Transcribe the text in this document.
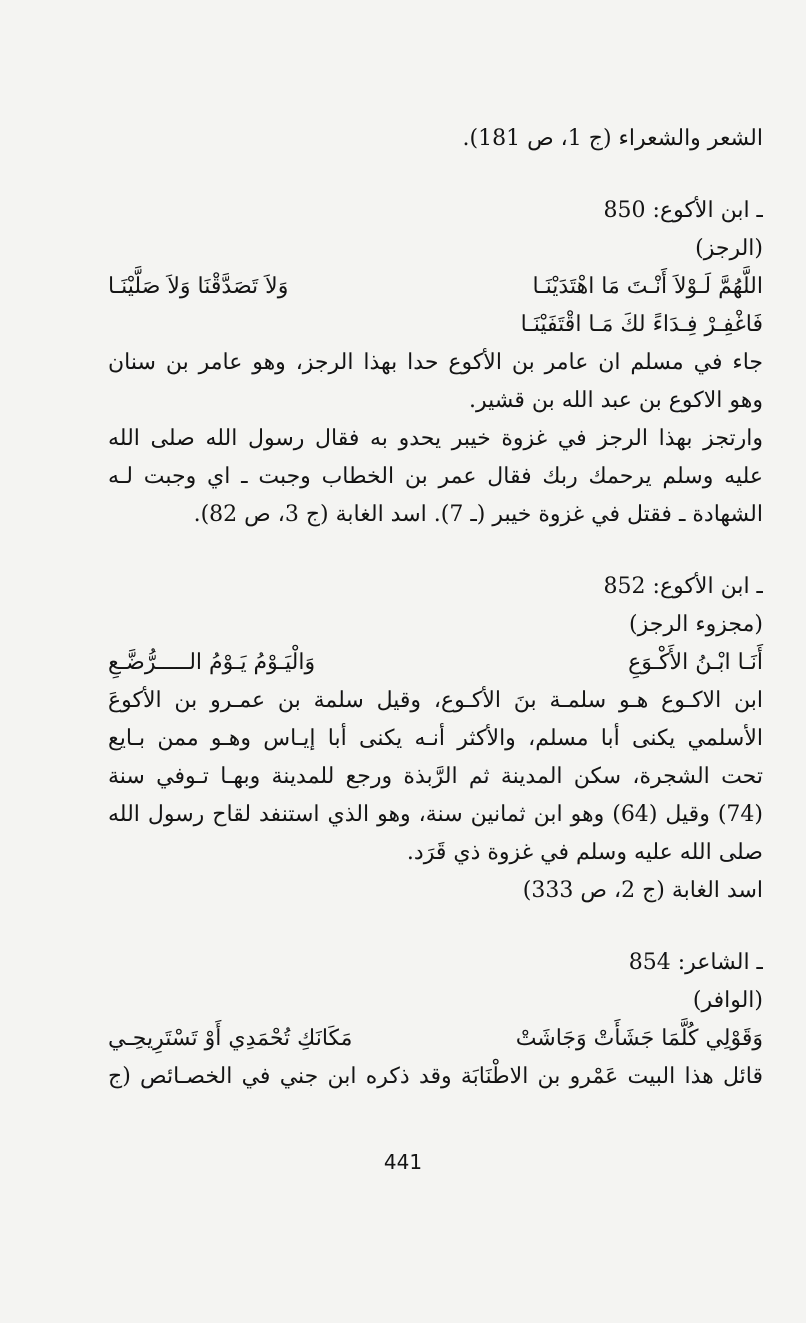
الشعر والشعراء (ج 1، ص 181).
ـ ابن الأكوع: 850
(الرجز)
اللَّهُمَّ لَـوْلاَ أَنْـتَ مَا اهْتَدَيْنَـا
وَلاَ تَصَدَّقْنَا وَلاَ صَلَّيْنَـا
فَاغْفِـرْ فِـدَاءً لكَ مَـا اقْتَفَيْنَـا
جاء في مسلم ان عامر بن الأكوع حدا بهذا الرجز، وهو عامر بن سنان
وهو الاكوع بن عبد الله بن قشير.
وارتجز بهذا الرجز في غزوة خيبر يحدو به فقال رسول الله صلى الله
عليه وسلم يرحمك ربك فقال عمر بن الخطاب وجبت ـ اي وجبت لـه
الشهادة ـ فقتل في غزوة خيبر (ـ 7). اسد الغابة (ج 3، ص 82).
ـ ابن الأكوع: 852
(مجزوء الرجز)
أَنَـا ابْـنُ الأَكْـوَعِ
وَالْيَـوْمُ يَـوْمُ الـــــرُّضَّـعِ
ابن الاكـوع هـو سلمـة بنَ الأكـوع، وقيل سلمة بن عمـرو بن الأكوعَ
الأسلمي يكنى أبا مسلم، والأكثر أنـه يكنى أبا إيـاس وهـو ممن بـايع
تحت الشجرة، سكن المدينة ثم الرَّبذة ورجع للمدينة وبهـا تـوفي سنة
(74) وقيل (64) وهو ابن ثمانين سنة، وهو الذي استنفد لقاح رسول الله
صلى الله عليه وسلم في غزوة ذي قَرَد.
اسد الغابة (ج 2، ص 333)
ـ الشاعر: 854
(الوافر)
وَقَوْلِي كُلَّمَا جَشَأَتْ وَجَاشَتْ
مَكَانَكِ تُحْمَدِي أَوْ تَسْتَرِيحِـي
قائل هذا البيت عَمْرو بن الاطْنَابَة وقد ذكره ابن جني في الخصـائص (ج
441
